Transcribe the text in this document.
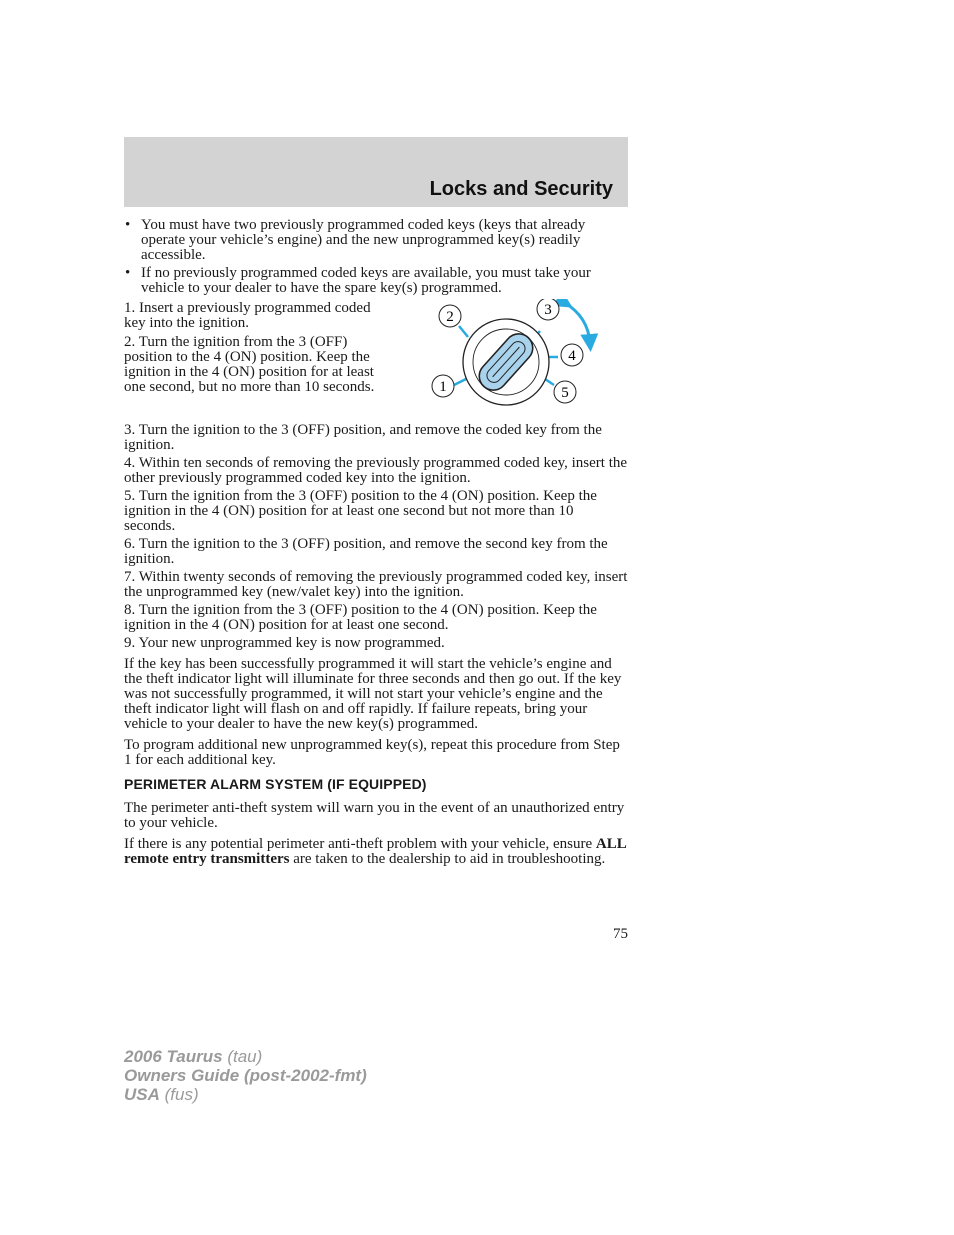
Locks and Security
• You must have two previously programmed coded keys (keys that already operate your vehicle’s engine) and the new unprogrammed key(s) readily accessible.
• If no previously programmed coded keys are available, you must take your vehicle to your dealer to have the spare key(s) programmed.

1. Insert a previously programmed coded key into the ignition.

2. Turn the ignition from the 3 (OFF) position to the 4 (ON) position. Keep the ignition in the 4 (ON) position for at least one second, but no more than 10 seconds.

2	3
4
5
1

3. Turn the ignition to the 3 (OFF) position, and remove the coded key from the ignition.

4. Within ten seconds of removing the previously programmed coded key, insert the other previously programmed coded key into the ignition.

5. Turn the ignition from the 3 (OFF) position to the 4 (ON) position. Keep the ignition in the 4 (ON) position for at least one second but not more than 10 seconds.

6. Turn the ignition to the 3 (OFF) position, and remove the second key from the ignition.

7. Within twenty seconds of removing the previously programmed coded key, insert the unprogrammed key (new/valet key) into the ignition.

8. Turn the ignition from the 3 (OFF) position to the 4 (ON) position. Keep the ignition in the 4 (ON) position for at least one second.

9. Your new unprogrammed key is now programmed.

If the key has been successfully programmed it will start the vehicle’s engine and the theft indicator light will illuminate for three seconds and then go out. If the key was not successfully programmed, it will not start your vehicle’s engine and the theft indicator light will flash on and off rapidly. If failure repeats, bring your vehicle to your dealer to have the new key(s) programmed.

To program additional new unprogrammed key(s), repeat this procedure from Step 1 for each additional key.

PERIMETER ALARM SYSTEM (IF EQUIPPED)

The perimeter anti-theft system will warn you in the event of an unauthorized entry to your vehicle.

If there is any potential perimeter anti-theft problem with your vehicle, ensure ALL remote entry transmitters are taken to the dealership to aid in troubleshooting.

75
2006 Taurus (tau)
Owners Guide (post-2002-fmt)
USA (fus)
